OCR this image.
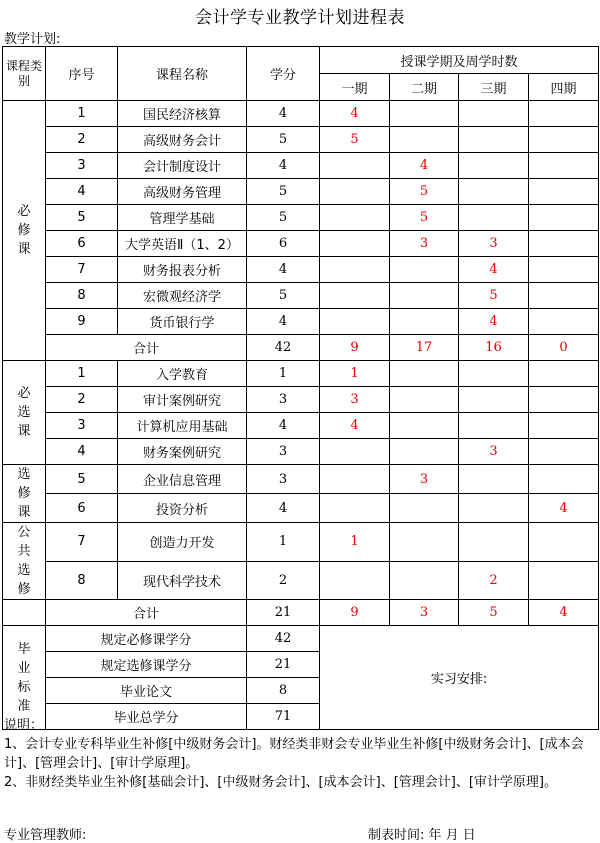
会计学专业教学计划进程表
教学计划:
课程类别	序号	课程名称	学分	授课学期及周学时数			
				一期	二期	三期	四期

必
修
课	1	国民经济核算	4	4			
	2	高级财务会计	5	5			
	3	会计制度设计	4		4		
	4	高级财务管理	5		5		
	5	管理学基础	5		5		
	6	大学英语Ⅱ（1、2）	6		3	3	
	7	财务报表分析	4			4	
	8	宏微观经济学	5			5	
	9	货币银行学	4			4	
	合计		42	9	17	16	0

必
选
课	1	入学教育	1	1			
	2	审计案例研究	3	3			
	3	计算机应用基础	4	4			
	4	财务案例研究	3			3	

选
修
课	5	企业信息管理	3		3		
	6	投资分析	4				4

公
共
选
修	7	创造力开发	1	1			
	8	现代科学技术	2			2	
	合计		21	9	3	5	4

毕
业
标
准	规定必修课学分		42	实习安排:			
	规定选修课学分		21				
	毕业论文		8				
	毕业总学分		71				

说明：

1、会计专业专科毕业生补修[中级财务会计]。财经类非财会专业毕业生补修[中级财务会计]、[成本会计]、[管理会计]、[审计学原理]。

2、非财经类毕业生补修[基础会计]、[中级财务会计]、[成本会计]、[管理会计]、[审计学原理]。

专业管理教师:	制表时间: 年 月 日
